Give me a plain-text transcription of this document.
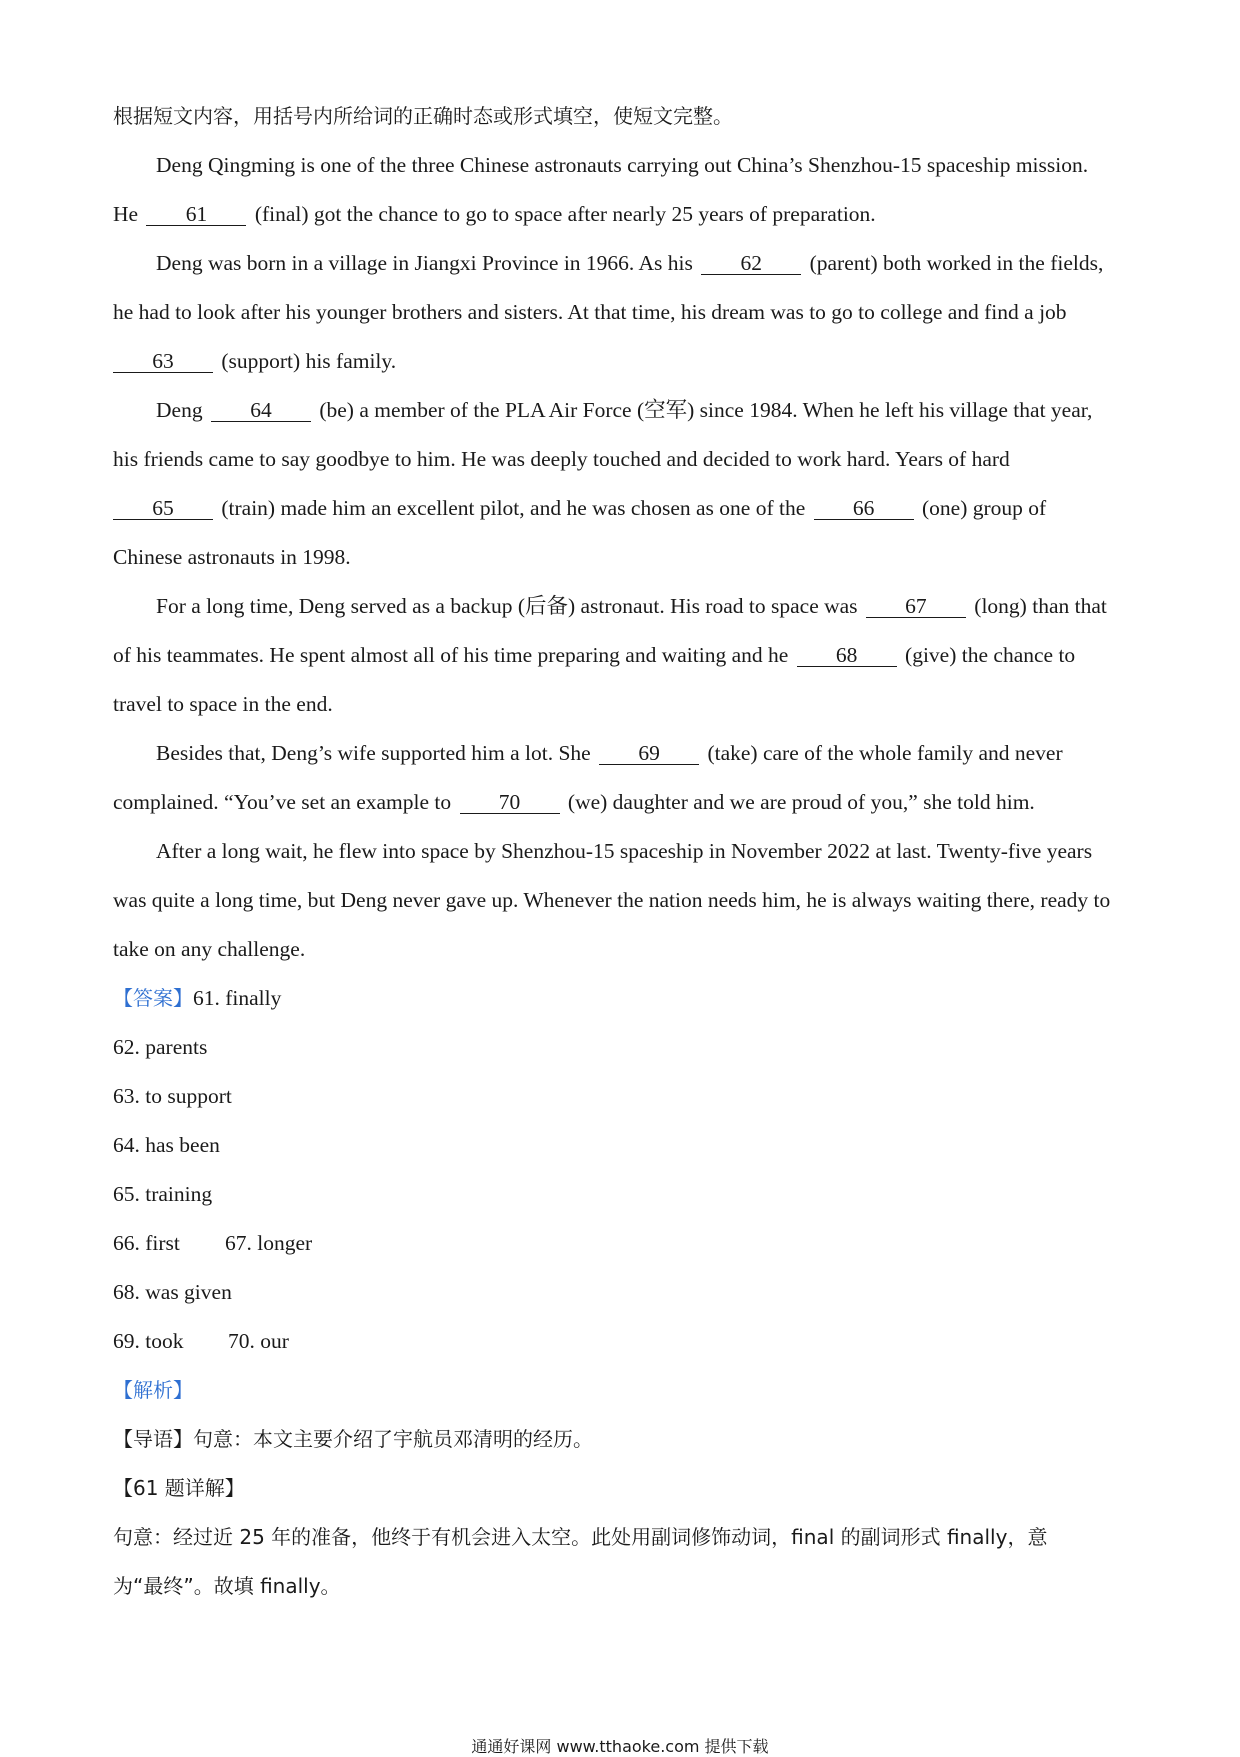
根据短文内容，用括号内所给词的正确时态或形式填空，使短文完整。
Deng Qingming is one of the three Chinese astronauts carrying out China’s Shenzhou-15 spaceship mission.
He 61 (final) got the chance to go to space after nearly 25 years of preparation.
Deng was born in a village in Jiangxi Province in 1966. As his 62 (parent) both worked in the fields,
he had to look after his younger brothers and sisters. At that time, his dream was to go to college and find a job
63 (support) his family.
Deng 64 (be) a member of the PLA Air Force (空军) since 1984. When he left his village that year,
his friends came to say goodbye to him. He was deeply touched and decided to work hard. Years of hard
65 (train) made him an excellent pilot, and he was chosen as one of the 66 (one) group of
Chinese astronauts in 1998.
For a long time, Deng served as a backup (后备) astronaut. His road to space was 67 (long) than that
of his teammates. He spent almost all of his time preparing and waiting and he 68 (give) the chance to
travel to space in the end.
Besides that, Deng’s wife supported him a lot. She 69 (take) care of the whole family and never
complained. “You’ve set an example to 70 (we) daughter and we are proud of you,” she told him.
After a long wait, he flew into space by Shenzhou-15 spaceship in November 2022 at last. Twenty-five years
was quite a long time, but Deng never gave up. Whenever the nation needs him, he is always waiting there, ready to
take on any challenge.
【答案】61. finally
62. parents
63. to support
64. has been
65. training
66. first 67. longer
68. was given
69. took 70. our
【解析】
【导语】句意：本文主要介绍了宇航员邓清明的经历。
【61 题详解】
句意：经过近 25 年的准备，他终于有机会进入太空。此处用副词修饰动词，final 的副词形式 finally，意
为“最终”。故填 finally。
通通好课网 www.tthaoke.com 提供下载
